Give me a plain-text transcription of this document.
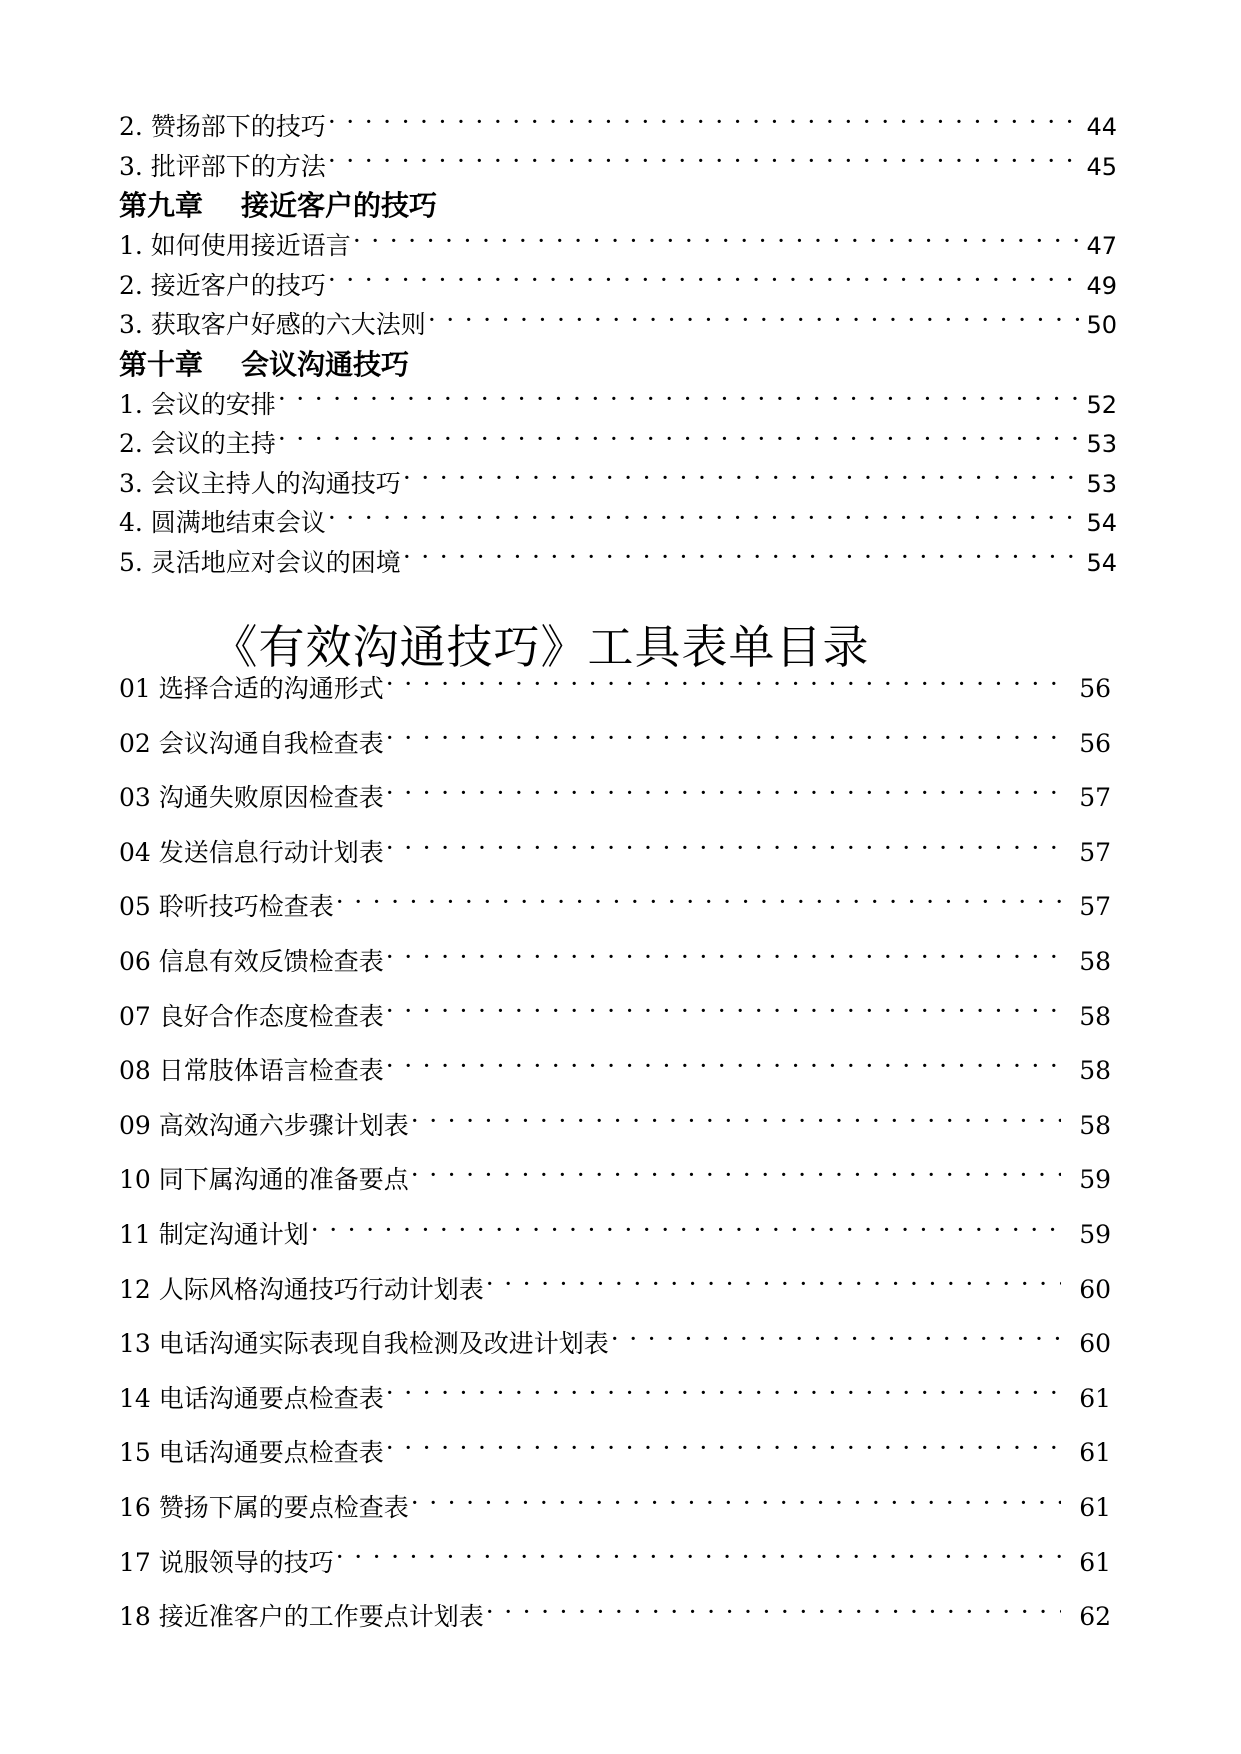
2. 赞扬部下的技巧 ·····	44
3. 批评部下的方法 ·····	45
第九章 接近客户的技巧
1. 如何使用接近语言 ·····	47
2. 接近客户的技巧 ·····	49
3. 获取客户好感的六大法则 ·····	50
第十章 会议沟通技巧
1. 会议的安排 ·····	52
2. 会议的主持 ·····	53
3. 会议主持人的沟通技巧 ·····	53
4. 圆满地结束会议 ·····	54
5. 灵活地应对会议的困境 ·····	54
《有效沟通技巧》工具表单目录
01 选择合适的沟通形式 ·····	56
02 会议沟通自我检查表 ·····	56
03 沟通失败原因检查表 ·····	57
04 发送信息行动计划表 ·····	57
05 聆听技巧检查表 ·····	57
06 信息有效反馈检查表 ·····	58
07 良好合作态度检查表 ·····	58
08 日常肢体语言检查表 ·····	58
09 高效沟通六步骤计划表 ·····	58
10 同下属沟通的准备要点 ·····	59
11 制定沟通计划 ·····	59
12 人际风格沟通技巧行动计划表 ·····	60
13 电话沟通实际表现自我检测及改进计划表 ·····	60
14 电话沟通要点检查表 ·····	61
15 电话沟通要点检查表 ·····	61
16 赞扬下属的要点检查表 ·····	61
17 说服领导的技巧 ·····	61
18 接近准客户的工作要点计划表 ·····	62
